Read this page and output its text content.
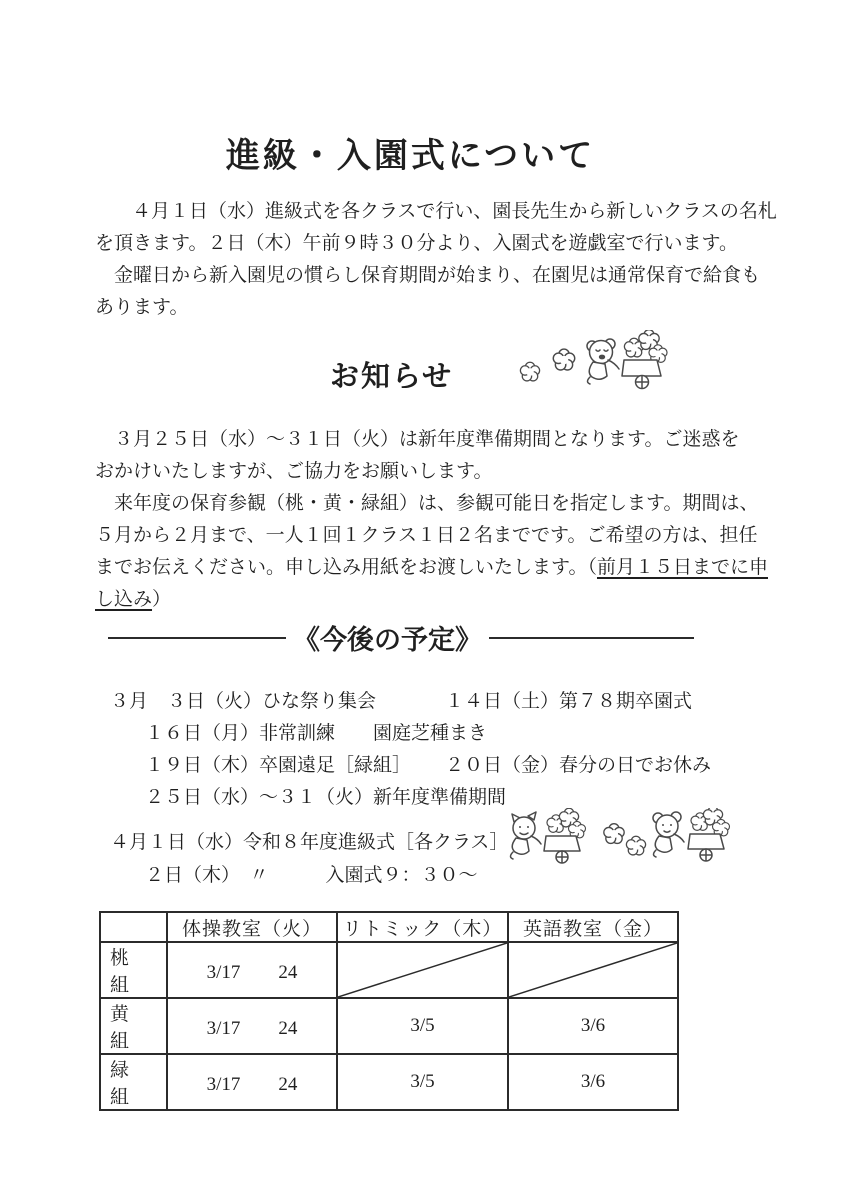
進級・入園式について
４月１日（水）進級式を各クラスで行い、園長先生から新しいクラスの名札
を頂きます。２日（木）午前９時３０分より、入園式を遊戯室で行います。
金曜日から新入園児の慣らし保育期間が始まり、在園児は通常保育で給食も
あります。
お知らせ
３月２５日（水）～３１日（火）は新年度準備期間となります。ご迷惑を
おかけいたしますが、ご協力をお願いします。
来年度の保育参観（桃・黄・緑組）は、参観可能日を指定します。期間は、
５月から２月まで、一人１回１クラス１日２名までです。ご希望の方は、担任
までお伝えください。申し込み用紙をお渡しいたします。（前月１５日までに申
し込み）
《今後の予定》
３月　３日（火）ひな祭り集会	１４日（土）第７８期卒園式
１６日（月）非常訓練　　園庭芝種まき
１９日（木）卒園遠足［緑組］	２０日（金）春分の日でお休み
２５日（水）～３１（火）新年度準備期間
４月１日（水）令和８年度進級式［各クラス］
２日（木）　〃　　　入園式９：３０～
	体操教室（火）	リトミック（木）	英語教室（金）
桃　組	3/17　　24	

黄　組	3/17　　24	3/5	3/6
緑　組	3/17　　24	3/5	3/6
